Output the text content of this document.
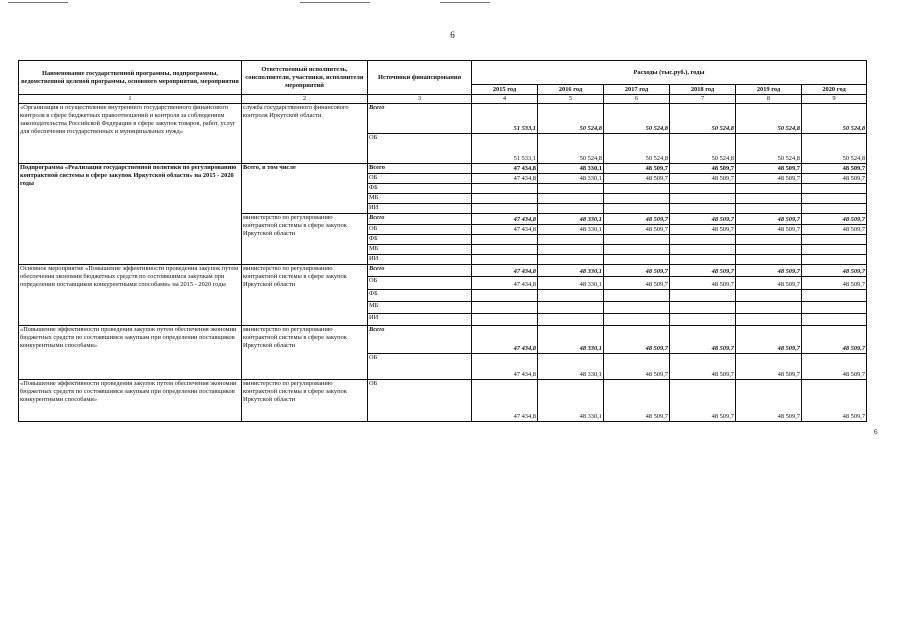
6
6
Наименование государственной программы, подпрограммы, ведомственной целевой программы, основного мероприятия, мероприятия	Ответственный исполнитель, соисполнители, участники, исполнители мероприятий	Источники финансирования	Расходы (тыс.руб.), годы					
			2015 год	2016 год	2017 год	2018 год	2019 год	2020 год
1	2	3	4	5	6	7	8	9
«Организация и осуществление внутреннего государственного финансового контроля в сфере бюджетных правоотношений и контроля за соблюдением законодательства Российской Федерации в сфере закупок товаров, работ, услуг для обеспечения государственных и муниципальных нужд»	служба государственного финансового контроля Иркутской области	Всего	51 533,1	50 524,8	50 524,8	50 524,8	50 524,8	50 524,8
		ОБ	51 533,1	50 524,8	50 524,8	50 524,8	50 524,8	50 524,8
Подпрограмма «Реализация государственной политики по регулированию контрактной системы в сфере закупок Иркутской области» на 2015 - 2020 годы	Всего, в том числе	Всего	47 434,8	48 330,1	48 509,7	48 509,7	48 509,7	48 509,7
		ОБ	47 434,8	48 330,1	48 509,7	48 509,7	48 509,7	48 509,7
		ФБ						
		МБ						
		ИИ						
	министерство по регулированию контрактной системы в сфере закупок Иркутской области	Всего	47 434,8	48 330,1	48 509,7	48 509,7	48 509,7	48 509,7
		ОБ	47 434,8	48 330,1	48 509,7	48 509,7	48 509,7	48 509,7
		ФБ						
		МБ						
		ИИ						
Основное мероприятие «Повышение эффективности проведения закупок путем обеспечения экономии бюджетных средств по состоявшимся закупкам при определении поставщиков конкурентными способами» на 2015 - 2020 годы	министерство по регулированию контрактной системы в сфере закупок Иркутской области	Всего	47 434,8	48 330,1	48 509,7	48 509,7	48 509,7	48 509,7
		ОБ	47 434,8	48 330,1	48 509,7	48 509,7	48 509,7	48 509,7
		ФБ						
		МБ						
		ИИ						
«Повышение эффективности проведения закупок путем обеспечения экономии бюджетных средств по состоявшимся закупкам при определении поставщиков конкурентными способами»	министерство по регулированию контрактной системы в сфере закупок Иркутской области	Всего	47 434,8	48 330,1	48 509,7	48 509,7	48 509,7	48 509,7
		ОБ	47 434,8	48 330,1	48 509,7	48 509,7	48 509,7	48 509,7
«Повышение эффективности проведения закупок путем обеспечения экономии бюджетных средств по состоявшимся закупкам при определении поставщиков конкурентными способами»	министерство по регулированию контрактной системы в сфере закупок Иркутской области	ОБ	47 434,8	48 330,1	48 509,7	48 509,7	48 509,7	48 509,7
